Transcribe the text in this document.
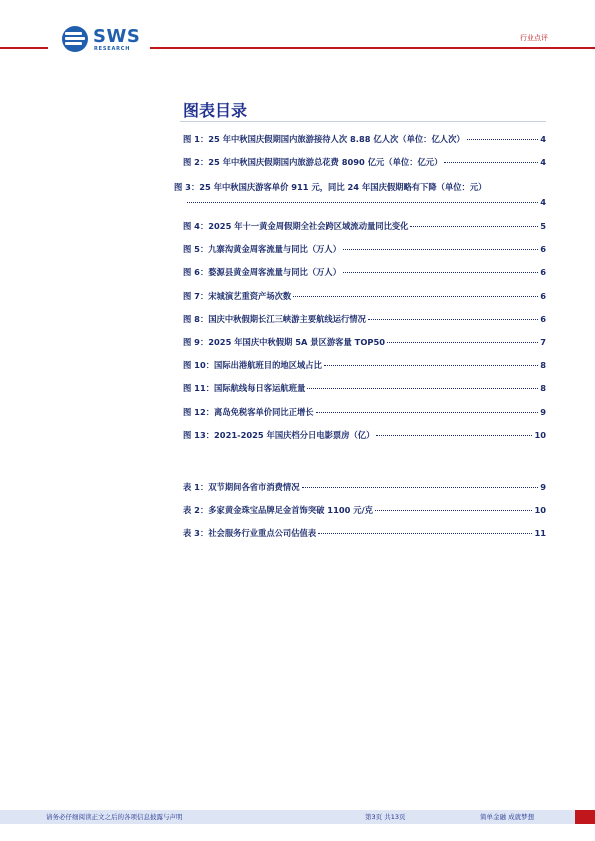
SWS
RESEARCH
行业点评
图表目录
图 1：25 年中秋国庆假期国内旅游接待人次 8.88 亿人次（单位：亿人次）	4
图 2：25 年中秋国庆假期国内旅游总花费 8090 亿元（单位：亿元）	4
图 3：25 年中秋国庆游客单价 911 元，同比 24 年国庆假期略有下降（单位：元）
4
图 4：2025 年十一黄金周假期全社会跨区域流动量同比变化	5
图 5：九寨沟黄金周客流量与同比（万人）	6
图 6：婺源县黄金周客流量与同比（万人）	6
图 7：宋城演艺重资产场次数	6
图 8：国庆中秋假期长江三峡游主要航线运行情况	6
图 9：2025 年国庆中秋假期 5A 景区游客量 TOP50	7
图 10：国际出港航班目的地区域占比	8
图 11：国际航线每日客运航班量	8
图 12：离岛免税客单价同比正增长	9
图 13：2021-2025 年国庆档分日电影票房（亿）	10
表 1：双节期间各省市消费情况	9
表 2：多家黄金珠宝品牌足金首饰突破 1100 元/克	10
表 3：社会服务行业重点公司估值表	11
请务必仔细阅读正文之后的各项信息披露与声明	第3页 共13页	简单金融 成就梦想
